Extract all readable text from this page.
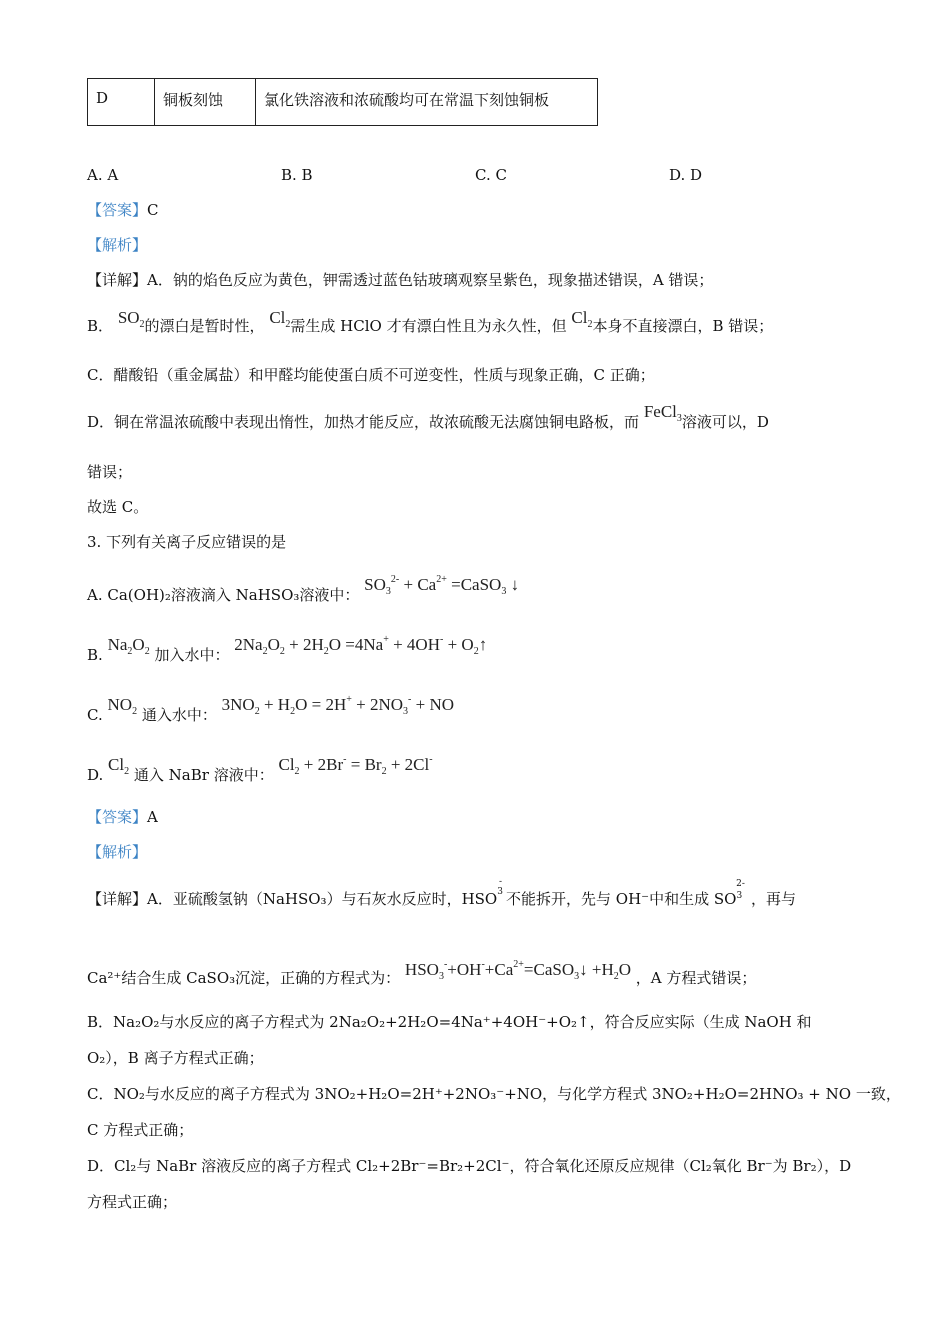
D	铜板刻蚀	氯化铁溶液和浓硫酸均可在常温下刻蚀铜板
A. A	B. B	C. C	D. D
【答案】C
【解析】
【详解】A．钠的焰色反应为黄色，钾需透过蓝色钴玻璃观察呈紫色，现象描述错误，A 错误；
B． $SO_2$的漂白是暂时性， $Cl_2$需生成 HClO 才有漂白性且为永久性，但 $Cl_2$本身不直接漂白，B 错误；
C．醋酸铅（重金属盐）和甲醛均能使蛋白质不可逆变性，性质与现象正确，C 正确；
D．铜在常温浓硫酸中表现出惰性，加热才能反应，故浓硫酸无法腐蚀铜电路板，而 FeCl$_3$溶液可以，D
错误；
故选 C。
3. 下列有关离子反应错误的是
A. Ca(OH)₂溶液滴入 NaHSO₃溶液中： $SO_3^{2-} + Ca^{2+}$ =CaSO$_3$ ↓
B. $Na_2O_2$ 加入水中： $2Na_2O_2 + 2H_2O =4Na^+ + 4OH^-$ + $O_2↑$
C. $NO_2$ 通入水中： $3NO_2 + H_2O = 2H^+ + 2NO_3^-$ + NO
D. $Cl_2$ 通入 NaBr 溶液中： $Cl_2 + 2Br^- = Br_2 + 2Cl^-$
【答案】A
【解析】
【详解】A．亚硫酸氢钠（NaHSO₃）与石灰水反应时，$HSO^{3-}$不能拆开，先与 OH⁻中和生成 $SO^{32-}$，再与
Ca²⁺结合生成 CaSO₃沉淀，正确的方程式为： $HSO_3^-+OH^-+Ca^{2+}=CaSO_3↓ +H_2O$ ，A 方程式错误；
B．Na₂O₂与水反应的离子方程式为 2Na₂O₂+2H₂O=4Na⁺+4OH⁻+O₂↑，符合反应实际（生成 NaOH 和
O₂），B 离子方程式正确；
C．NO₂与水反应的离子方程式为 3NO₂+H₂O=2H⁺+2NO₃⁻+NO，与化学方程式 3NO₂+H₂O=2HNO₃ + NO 一致，
C 方程式正确；
D．Cl₂与 NaBr 溶液反应的离子方程式 Cl₂+2Br⁻=Br₂+2Cl⁻，符合氧化还原反应规律（Cl₂氧化 Br⁻为 Br₂），D
方程式正确；
